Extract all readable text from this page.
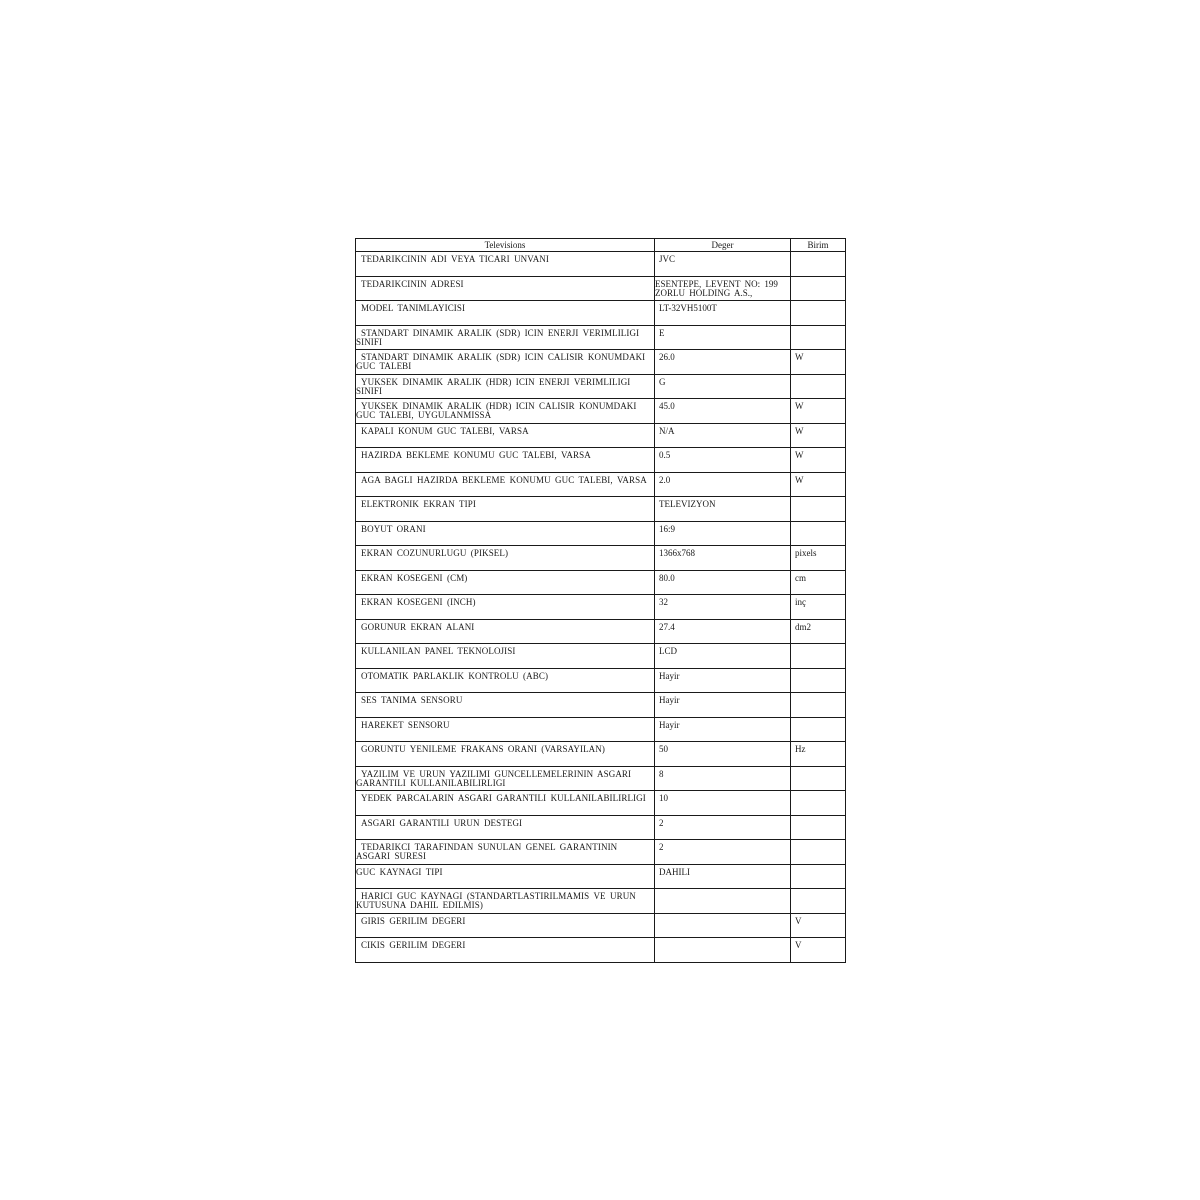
Televisions	Deger	Birim

TEDARIKCININ ADI VEYA TICARI UNVANI	JVC	

TEDARIKCININ ADRESI	ESENTEPE, LEVENT NO: 199 ZORLU HOLDING A.S.,	

MODEL TANIMLAYICISI	LT-32VH5100T	

STANDART DINAMIK ARALIK (SDR) ICIN ENERJI VERIMLILIGI SINIFI	E	

STANDART DINAMIK ARALIK (SDR) ICIN CALISIR KONUMDAKI GUC TALEBI	26.0	W

YUKSEK DINAMIK ARALIK (HDR) ICIN ENERJI VERIMLILIGI SINIFI	G	

YUKSEK DINAMIK ARALIK (HDR) ICIN CALISIR KONUMDAKI GUC TALEBI, UYGULANMISSA	45.0	W

KAPALI KONUM GUC TALEBI, VARSA	N/A	W

HAZIRDA BEKLEME KONUMU GUC TALEBI, VARSA	0.5	W

AGA BAGLI HAZIRDA BEKLEME KONUMU GUC TALEBI, VARSA	2.0	W

ELEKTRONIK EKRAN TIPI	TELEVIZYON	

BOYUT ORANI	16:9	

EKRAN COZUNURLUGU (PIKSEL)	1366x768	pixels

EKRAN KOSEGENI (CM)	80.0	cm

EKRAN KOSEGENI (INCH)	32	inç

GORUNUR EKRAN ALANI	27.4	dm2

KULLANILAN PANEL TEKNOLOJISI	LCD	

OTOMATIK PARLAKLIK KONTROLU (ABC)	Hayir	

SES TANIMA SENSORU	Hayir	

HAREKET SENSORU	Hayir	

GORUNTU YENILEME FRAKANS ORANI (VARSAYILAN)	50	Hz

YAZILIM VE URUN YAZILIMI GUNCELLEMELERININ ASGARI GARANTILI KULLANILABILIRLIGI	8	

YEDEK PARCALARIN ASGARI GARANTILI KULLANILABILIRLIGI	10	

ASGARI GARANTILI URUN DESTEGI	2	

TEDARIKCI TARAFINDAN SUNULAN GENEL GARANTININ ASGARI SURESI	2	

GUC KAYNAGI TIPI	DAHILI	

HARICI GUC KAYNAGI (STANDARTLASTIRILMAMIS VE URUN KUTUSUNA DAHIL EDILMIS)		

GIRIS GERILIM DEGERI		V

CIKIS GERILIM DEGERI		V
